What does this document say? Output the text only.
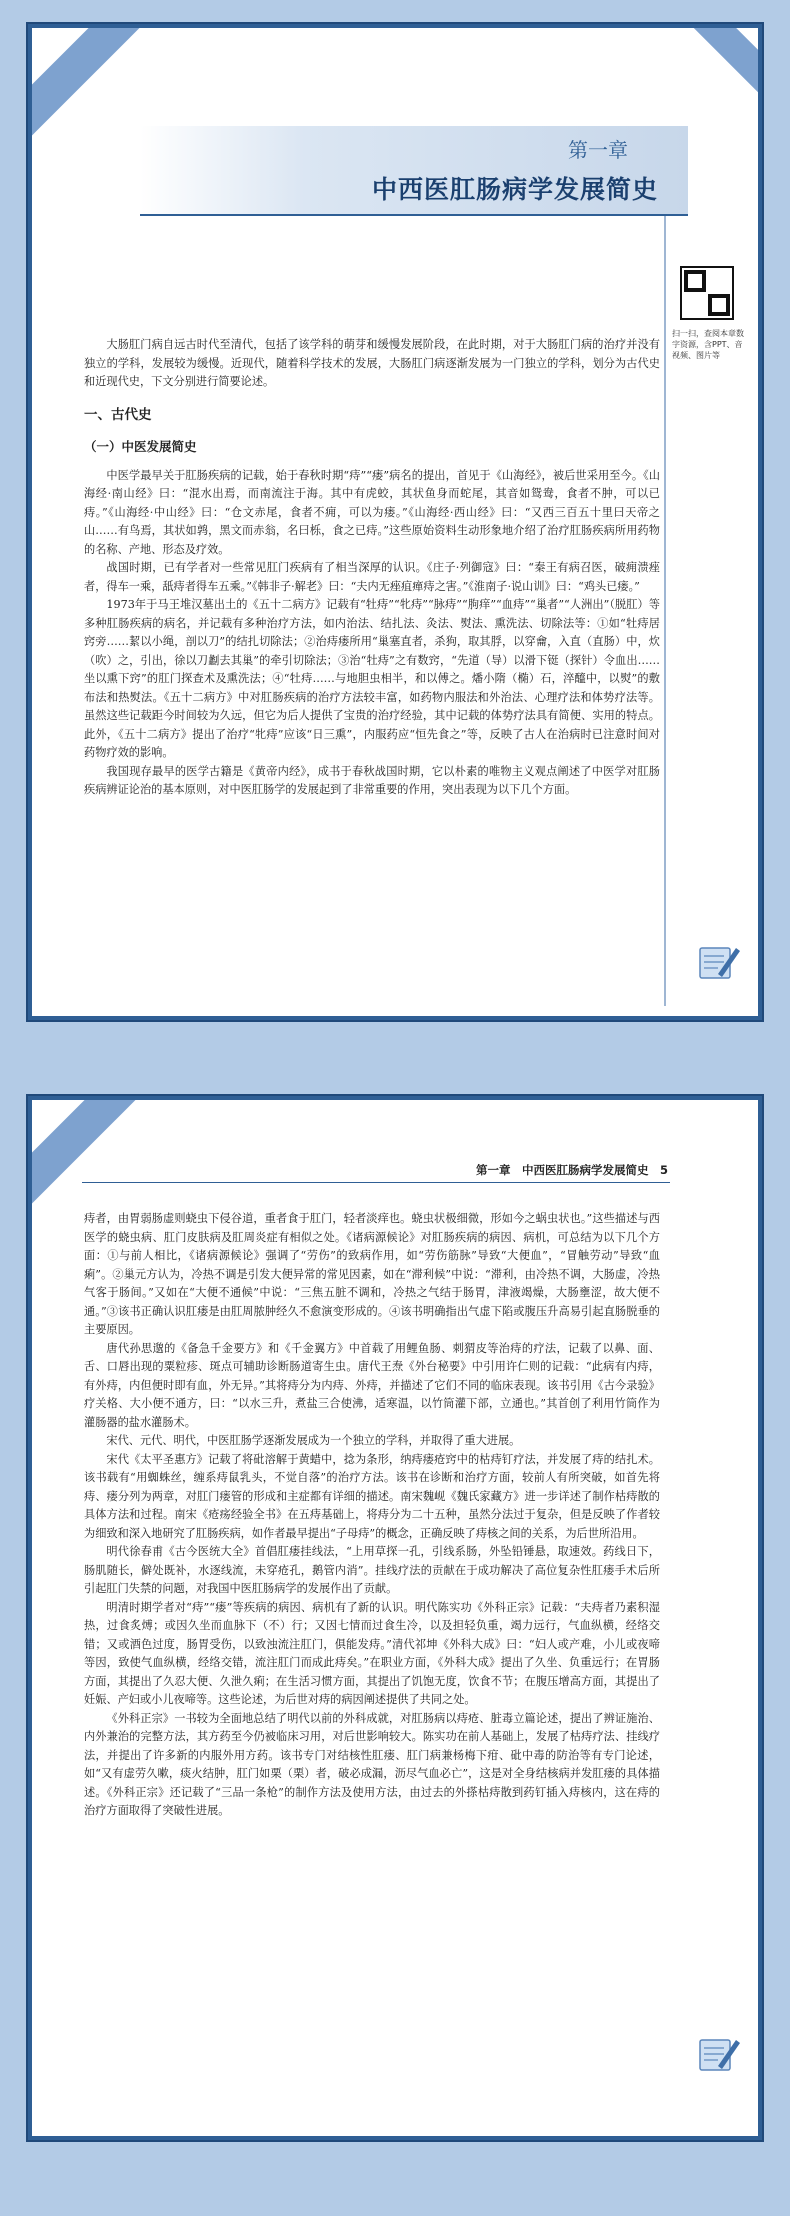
第一章
中西医肛肠病学发展简史
扫一扫，查阅本章数字资源，含PPT、音视频、图片等

大肠肛门病自远古时代至清代，包括了该学科的萌芽和缓慢发展阶段，在此时期，对于大肠肛门病的治疗并没有独立的学科，发展较为缓慢。近现代，随着科学技术的发展，大肠肛门病逐渐发展为一门独立的学科，划分为古代史和近现代史，下文分别进行简要论述。

一、古代史
（一）中医发展简史

中医学最早关于肛肠疾病的记载，始于春秋时期“痔”“瘘”病名的提出，首见于《山海经》，被后世采用至今。《山海经·南山经》曰：“混水出焉，而南流注于海。其中有虎蛟，其状鱼身而蛇尾，其音如鸳鸯，食者不肿，可以已痔。”《山海经·中山经》曰：“仓文赤尾，食者不痈，可以为瘘。”《山海经·西山经》曰：“又西三百五十里曰天帝之山……有鸟焉，其状如鹑，黑文而赤翁，名曰栎，食之已痔。”这些原始资料生动形象地介绍了治疗肛肠疾病所用药物的名称、产地、形态及疗效。

战国时期，已有学者对一些常见肛门疾病有了相当深厚的认识。《庄子·列御寇》曰：“秦王有病召医，破痈溃痤者，得车一乘，舐痔者得车五乘。”《韩非子·解老》曰：“夫内无痤疽瘅痔之害。”《淮南子·说山训》曰：“鸡头已瘘。”

1973年于马王堆汉墓出土的《五十二病方》记载有“牡痔”“牝痔”“脉痔”“朐痒”“血痔”“巢者”“人洲出”（脱肛）等多种肛肠疾病的病名，并记载有多种治疗方法，如内治法、结扎法、灸法、熨法、熏洗法、切除法等：①如“牡痔居窍旁……絜以小绳，剖以刀”的结扎切除法；②治痔瘘所用“巢塞直者，杀狗，取其脬，以穿龠，入直（直肠）中，炊（吹）之，引出，徐以刀劙去其巢”的牵引切除法；③治“牡痔”之有数窍，“先道（导）以滑下铤（探针）令血出……坐以熏下窍”的肛门探查术及熏洗法；④“牡痔……与地胆虫相半，和以傅之。燔小隋（椭）石，淬醯中，以熨”的敷布法和热熨法。《五十二病方》中对肛肠疾病的治疗方法较丰富，如药物内服法和外治法、心理疗法和体势疗法等。虽然这些记载距今时间较为久远，但它为后人提供了宝贵的治疗经验，其中记载的体势疗法具有简便、实用的特点。此外，《五十二病方》提出了治疗“牝痔”应该“日三熏”，内服药应“恒先食之”等，反映了古人在治病时已注意时间对药物疗效的影响。

我国现存最早的医学古籍是《黄帝内经》，成书于春秋战国时期，它以朴素的唯物主义观点阐述了中医学对肛肠疾病辨证论治的基本原则，对中医肛肠学的发展起到了非常重要的作用，突出表现为以下几个方面。

第一章　中西医肛肠病学发展简史　5

痔者，由胃弱肠虚则蛲虫下侵谷道，重者食于肛门，轻者淡痒也。蛲虫状极细微，形如今之蜗虫状也。”这些描述与西医学的蛲虫病、肛门皮肤病及肛周炎症有相似之处。《诸病源候论》对肛肠疾病的病因、病机，可总结为以下几个方面：①与前人相比，《诸病源候论》强调了“劳伤”的致病作用，如“劳伤筋脉”导致“大便血”，“冒触劳动”导致“血痢”。②巢元方认为，冷热不调是引发大便异常的常见因素，如在“滞利候”中说：“滞利，由冷热不调，大肠虚，冷热气客于肠间。”又如在“大便不通候”中说：“三焦五脏不调和，冷热之气结于肠胃，津液竭燥，大肠壅涩，故大便不通。”③该书正确认识肛瘘是由肛周脓肿经久不愈演变形成的。④该书明确指出气虚下陷或腹压升高易引起直肠脱垂的主要原因。

唐代孙思邈的《备急千金要方》和《千金翼方》中首载了用鲤鱼肠、刺猬皮等治痔的疗法，记载了以鼻、面、舌、口唇出现的粟粒疹、斑点可辅助诊断肠道寄生虫。唐代王焘《外台秘要》中引用许仁则的记载：“此病有内痔，有外痔，内但便时即有血，外无异。”其将痔分为内痔、外痔，并描述了它们不同的临床表现。该书引用《古今录验》疗关格、大小便不通方，曰：“以水三升，煮盐三合使沸，适寒温，以竹筒灌下部，立通也。”其首创了利用竹筒作为灌肠器的盐水灌肠术。

宋代、元代、明代，中医肛肠学逐渐发展成为一个独立的学科，并取得了重大进展。

宋代《太平圣惠方》记载了将砒溶解于黄蜡中，捻为条形，纳痔瘘疮窍中的枯痔钉疗法，并发展了痔的结扎术。该书载有“用蜘蛛丝，缠系痔鼠乳头，不觉自落”的治疗方法。该书在诊断和治疗方面，较前人有所突破，如首先将痔、瘘分列为两章，对肛门瘘管的形成和主症都有详细的描述。南宋魏岘《魏氏家藏方》进一步详述了制作枯痔散的具体方法和过程。南宋《疮疡经验全书》在五痔基础上，将痔分为二十五种，虽然分法过于复杂，但是反映了作者较为细致和深入地研究了肛肠疾病，如作者最早提出“子母痔”的概念，正确反映了痔核之间的关系，为后世所沿用。

明代徐春甫《古今医统大全》首倡肛瘘挂线法，“上用草探一孔，引线系肠，外坠铅锤悬，取速效。药线日下，肠肌随长，僻处既补，水逐线流，未穿疮孔，鹅管内消”。挂线疗法的贡献在于成功解决了高位复杂性肛瘘手术后所引起肛门失禁的问题，对我国中医肛肠病学的发展作出了贡献。

明清时期学者对“痔”“瘘”等疾病的病因、病机有了新的认识。明代陈实功《外科正宗》记载：“夫痔者乃素积湿热，过食炙煿；或因久坐而血脉下（不）行；又因七情而过食生冷，以及担轻负重，竭力远行，气血纵横，经络交错；又或酒色过度，肠胃受伤，以致浊流注肛门，俱能发痔。”清代祁坤《外科大成》曰：“妇人或产难，小儿或夜啼等因，致使气血纵横，经络交错，流注肛门而成此痔矣。”在职业方面，《外科大成》提出了久坐、负重远行；在胃肠方面，其提出了久忍大便、久泄久痢；在生活习惯方面，其提出了饥饱无度，饮食不节；在腹压增高方面，其提出了妊娠、产妇或小儿夜啼等。这些论述，为后世对痔的病因阐述提供了共同之处。

《外科正宗》一书较为全面地总结了明代以前的外科成就，对肛肠病以痔疮、脏毒立篇论述，提出了辨证施治、内外兼治的完整方法，其方药至今仍被临床习用，对后世影响较大。陈实功在前人基础上，发展了枯痔疗法、挂线疗法，并提出了许多新的内服外用方药。该书专门对结核性肛瘘、肛门病兼杨梅下疳、砒中毒的防治等有专门论述，如“又有虚劳久嗽，痰火结肿，肛门如栗（栗）者，破必成漏，沥尽气血必亡”，这是对全身结核病并发肛瘘的具体描述。《外科正宗》还记载了“三品一条枪”的制作方法及使用方法，由过去的外搽枯痔散到药钉插入痔核内，这在痔的治疗方面取得了突破性进展。
